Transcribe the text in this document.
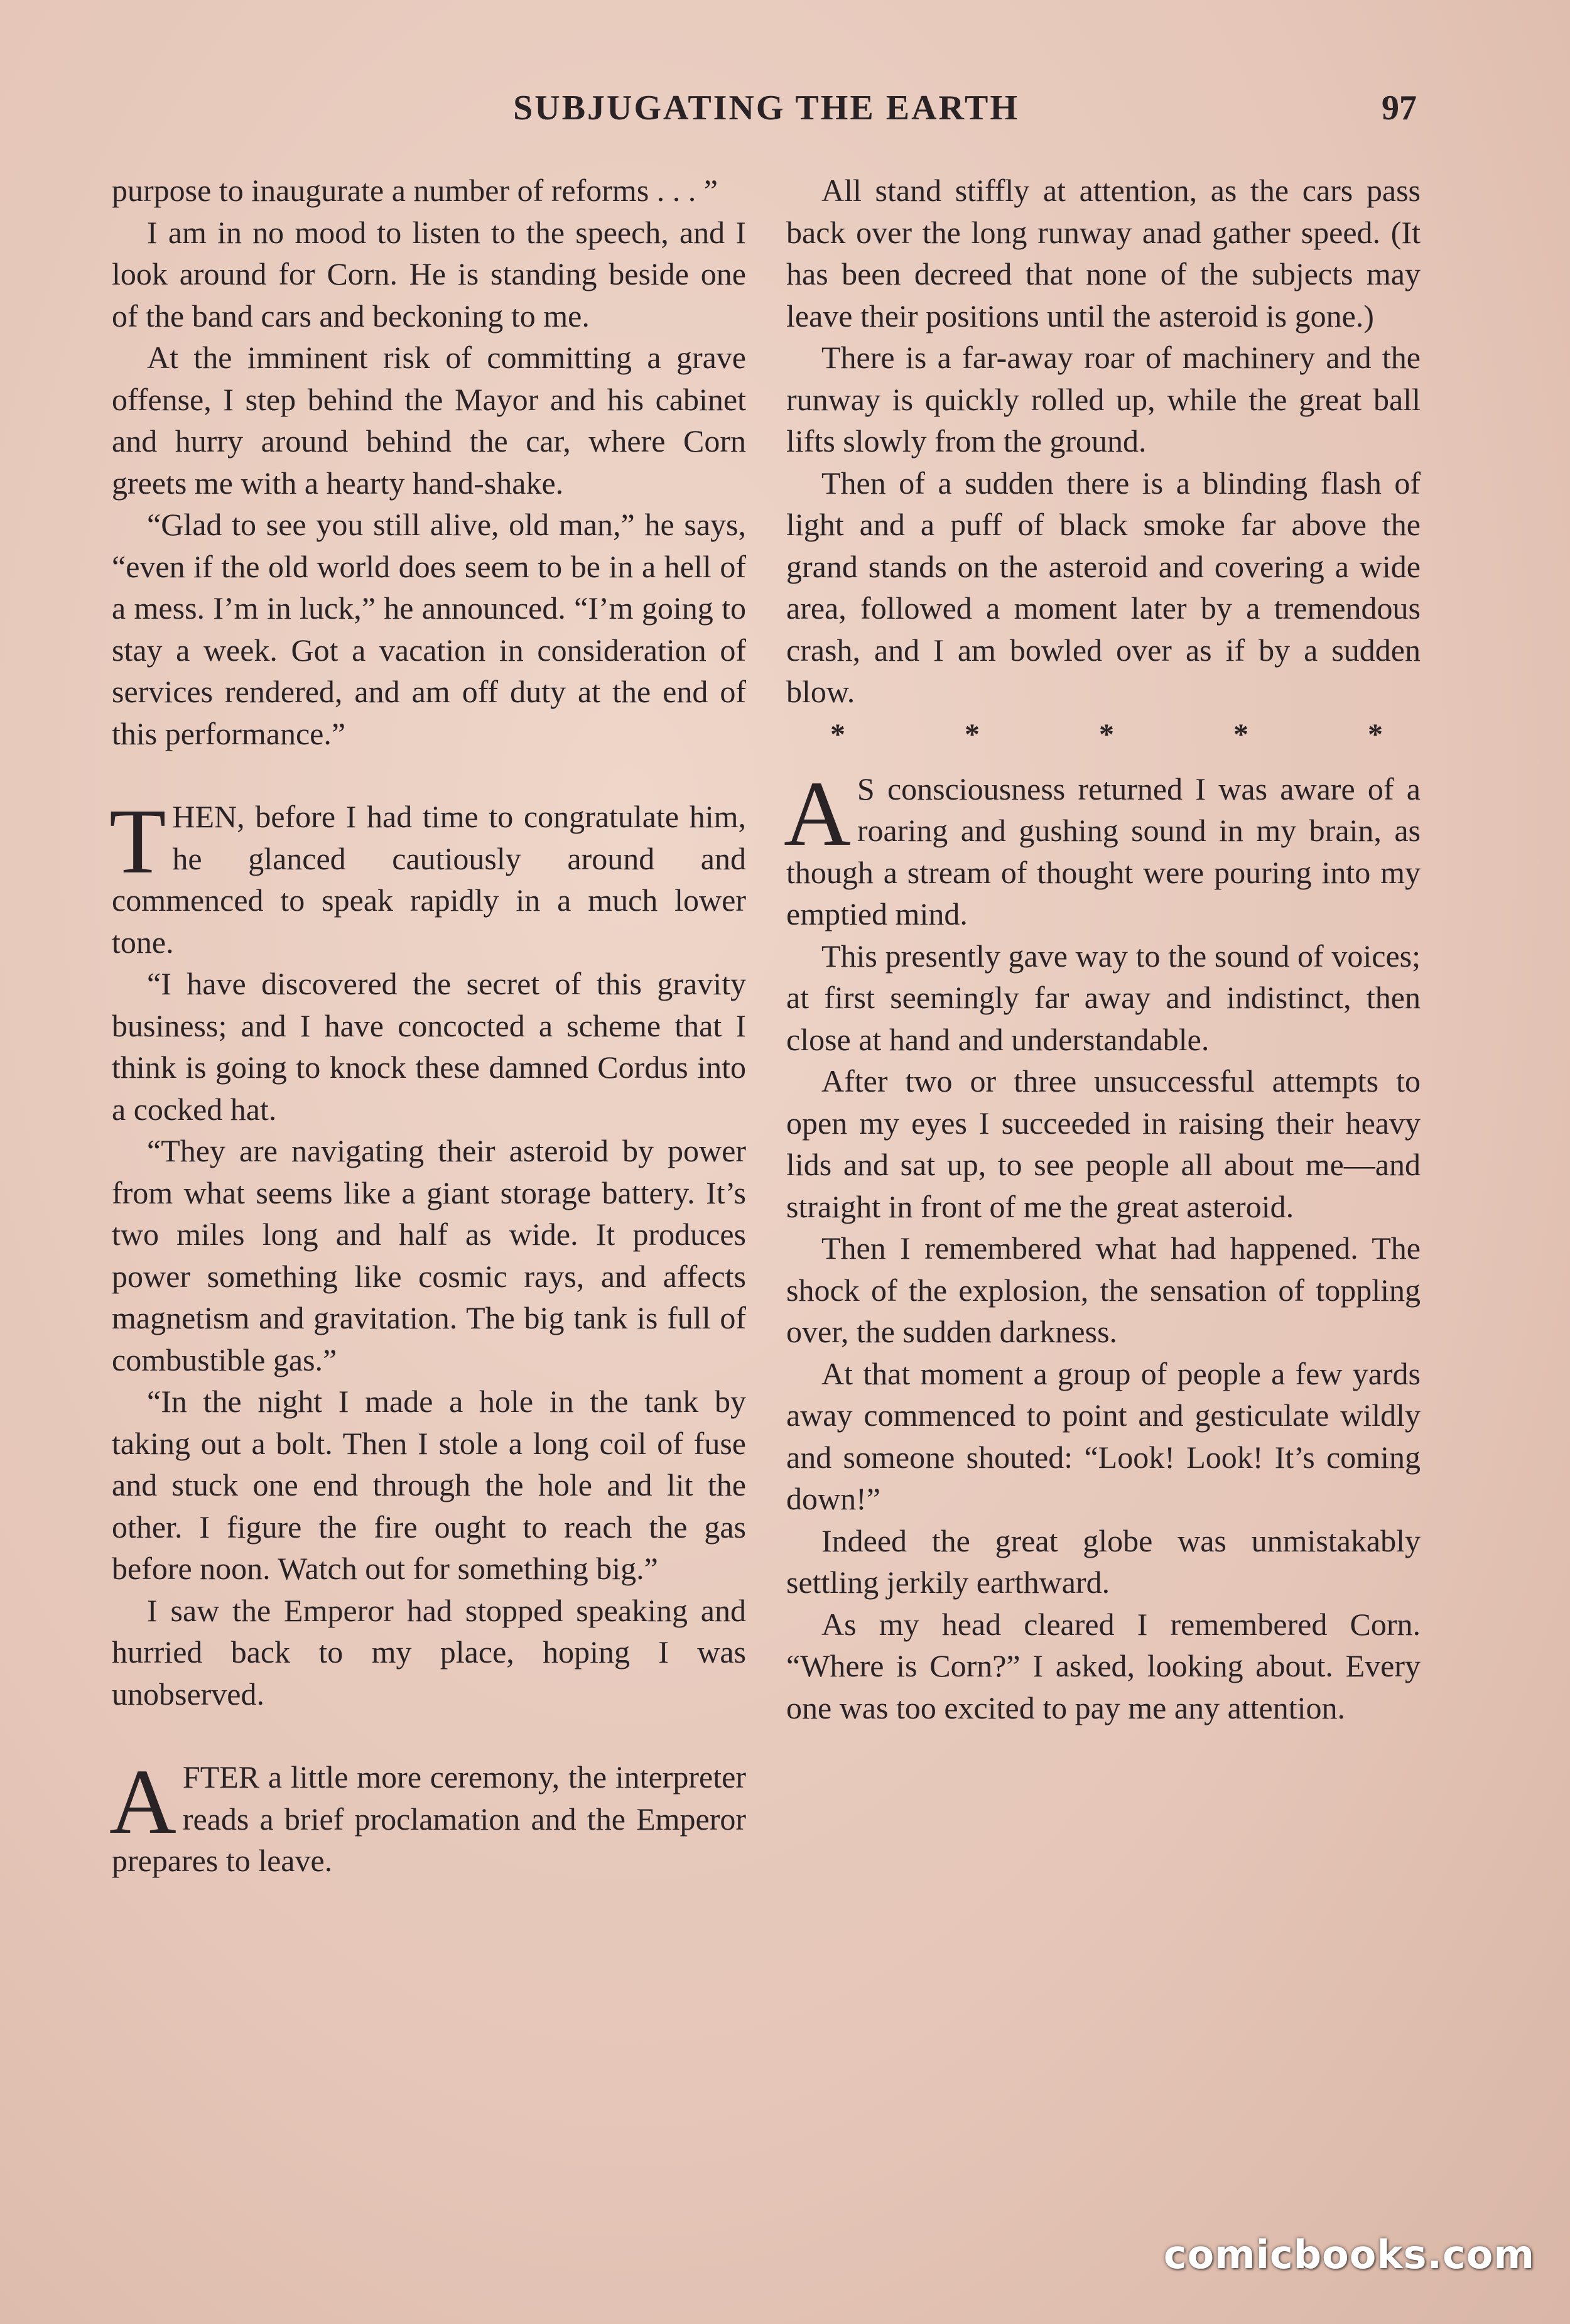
SUBJUGATING THE EARTH	97

purpose to inaugurate a number of reforms . . . ”

I am in no mood to listen to the speech, and I look around for Corn. He is standing beside one of the band cars and beckoning to me.

At the imminent risk of committing a grave offense, I step behind the Mayor and his cabinet and hurry around behind the car, where Corn greets me with a hearty hand-shake.

“Glad to see you still alive, old man,” he says, “even if the old world does seem to be in a hell of a mess. I’m in luck,” he announced. “I’m going to stay a week. Got a vacation in consideration of services rendered, and am off duty at the end of this performance.”

THEN, before I had time to congratulate him, he glanced cautiously around and commenced to speak rapidly in a much lower tone.

“I have discovered the secret of this gravity business; and I have concocted a scheme that I think is going to knock these damned Cordus into a cocked hat.

“They are navigating their asteroid by power from what seems like a giant storage battery. It’s two miles long and half as wide. It produces power something like cosmic rays, and affects magnetism and gravitation. The big tank is full of combustible gas.”

“In the night I made a hole in the tank by taking out a bolt. Then I stole a long coil of fuse and stuck one end through the hole and lit the other. I figure the fire ought to reach the gas before noon. Watch out for something big.”

I saw the Emperor had stopped speaking and hurried back to my place, hoping I was unobserved.

AFTER a little more ceremony, the interpreter reads a brief proclamation and the Emperor prepares to leave.

All stand stiffly at attention, as the cars pass back over the long runway anad gather speed. (It has been decreed that none of the subjects may leave their positions until the asteroid is gone.)

There is a far-away roar of machinery and the runway is quickly rolled up, while the great ball lifts slowly from the ground.

Then of a sudden there is a blinding flash of light and a puff of black smoke far above the grand stands on the asteroid and covering a wide area, followed a moment later by a tremendous crash, and I am bowled over as if by a sudden blow.

*	*	*	*	*

A S consciousness returned I was aware of a roaring and gushing sound in my brain, as though a stream of thought were pouring into my emptied mind.

This presently gave way to the sound of voices; at first seemingly far away and indistinct, then close at hand and understandable.

After two or three unsuccessful attempts to open my eyes I succeeded in raising their heavy lids and sat up, to see people all about me—and straight in front of me the great asteroid.

Then I remembered what had happened. The shock of the explosion, the sensation of toppling over, the sudden darkness.

At that moment a group of people a few yards away commenced to point and gesticulate wildly and someone shouted: “Look! Look! It’s coming down!”

Indeed the great globe was unmistakably settling jerkily earthward.

As my head cleared I remembered Corn. “Where is Corn?” I asked, looking about. Every one was too excited to pay me any attention.

comicbooks.com
